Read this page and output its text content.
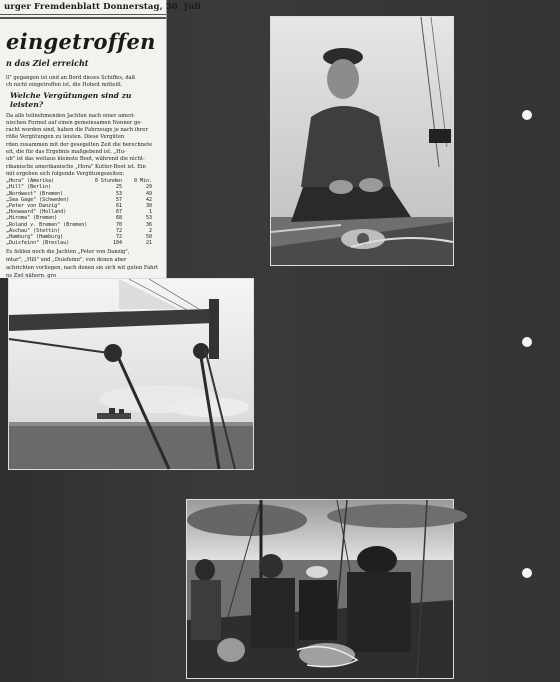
urger Fremdenblatt Donnerstag, 30. Juli
eingetroffen
n das Ziel erreicht
ll" gegangen ist und an Bord dieses Schiffes, daß
ch nicht eingetroffen ist, die Hoheit mitteilt.
Welche Vergütungen sind zu leisten?
Da alle teilnehmenden Jachten nach einer ameri-
nischen Formel auf einen gemeinsamen Nenner ge-
racht worden sind, haben die Fahrzeuge je nach ihrer
röße Vergütungen zu leisten. Diese Vergüten
rden zusammen mit der gesegelten Zeit die berechnete
eit, die für das Ergebnis maßgebend ist. „Hu-
ub" ist das weitaus kleinste Boot, während die nicht-
rikanische amerikanische „Hora" Kutter-Boot ist. Ein
mit ergeben sich folgende Vergütungszeiten:
„Hora" (Amerika)	0 Stunden	0 Min.
„Hill" (Berlin)	25	29
„Nordwest" (Bremen)	53	49
„Sea Gage" (Schweden)	57	42
„Peter von Danzig"	61	30
„Hoowaard" (Holland)	67	1
„Hiroma" (Bremen)	68	53
„Roland v. Bremen" (Bremen)	70	36
„Aschau" (Stettin)	72	2
„Hamburg" (Hamburg)	72	50
„Duisfeinn" (Breslau)	104	21
Es fehlen noch die Jachten „Peter von Danzig",
mtar", „Hill" und „Duisfeinn", von denen aber
achrichten vorliegen, nach denen sie sich wit guten Fahrt
ns Ziel nähern. gro
